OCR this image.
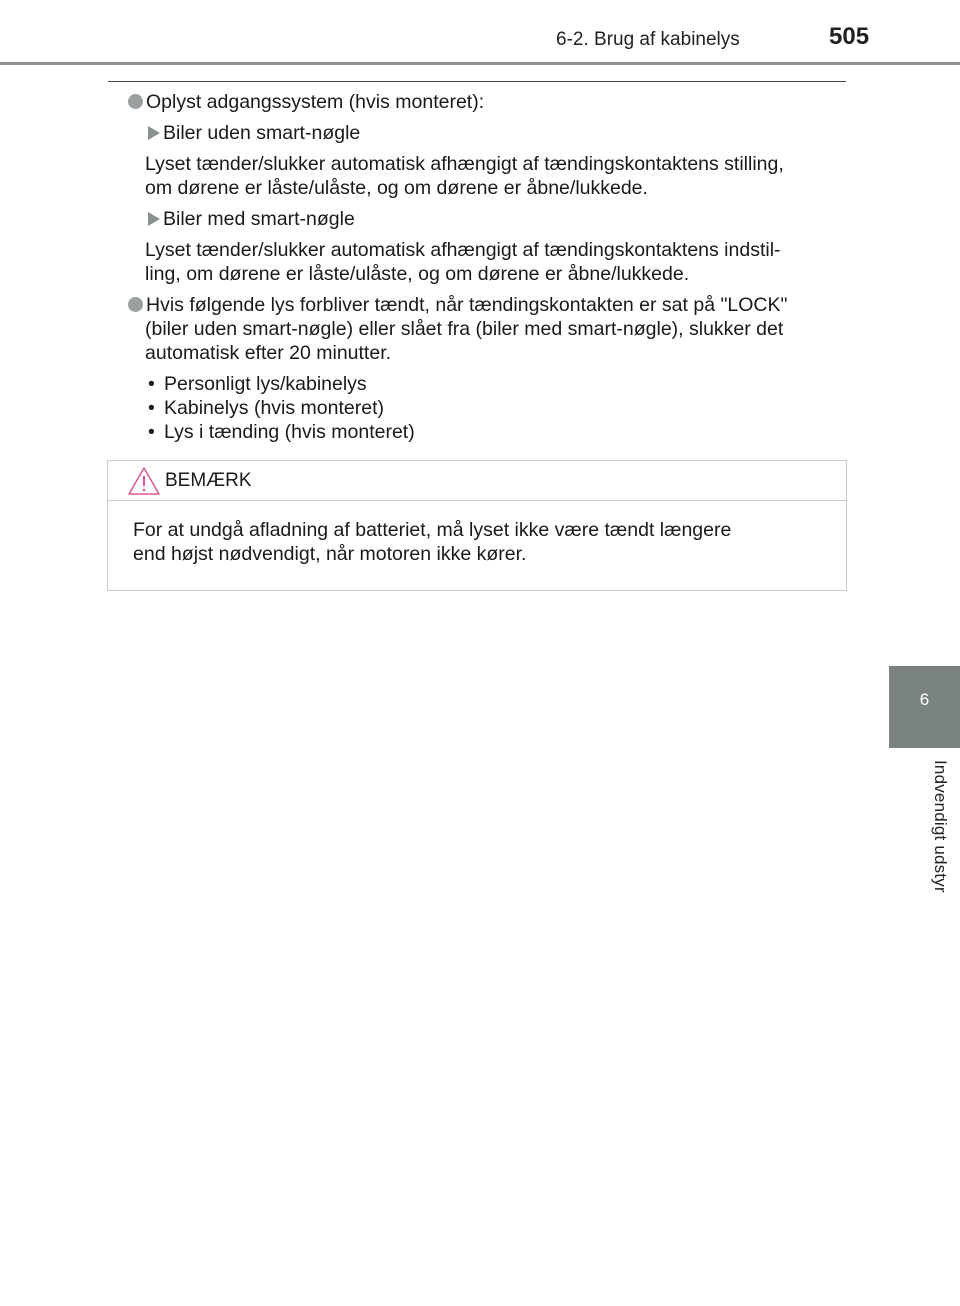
6-2. Brug af kabinelys	505
6
Indvendigt udstyr
Oplyst adgangssystem (hvis monteret):
Biler uden smart-nøgle
Lyset tænder/slukker automatisk afhængigt af tændingskontaktens stilling,
om dørene er låste/ulåste, og om dørene er åbne/lukkede.
Biler med smart-nøgle
Lyset tænder/slukker automatisk afhængigt af tændingskontaktens indstil-
ling, om dørene er låste/ulåste, og om dørene er åbne/lukkede.
Hvis følgende lys forbliver tændt, når tændingskontakten er sat på "LOCK"
(biler uden smart-nøgle) eller slået fra (biler med smart-nøgle), slukker det
automatisk efter 20 minutter.
• Personligt lys/kabinelys
• Kabinelys (hvis monteret)
• Lys i tænding (hvis monteret)
BEMÆRK
For at undgå afladning af batteriet, må lyset ikke være tændt længere
end højst nødvendigt, når motoren ikke kører.
